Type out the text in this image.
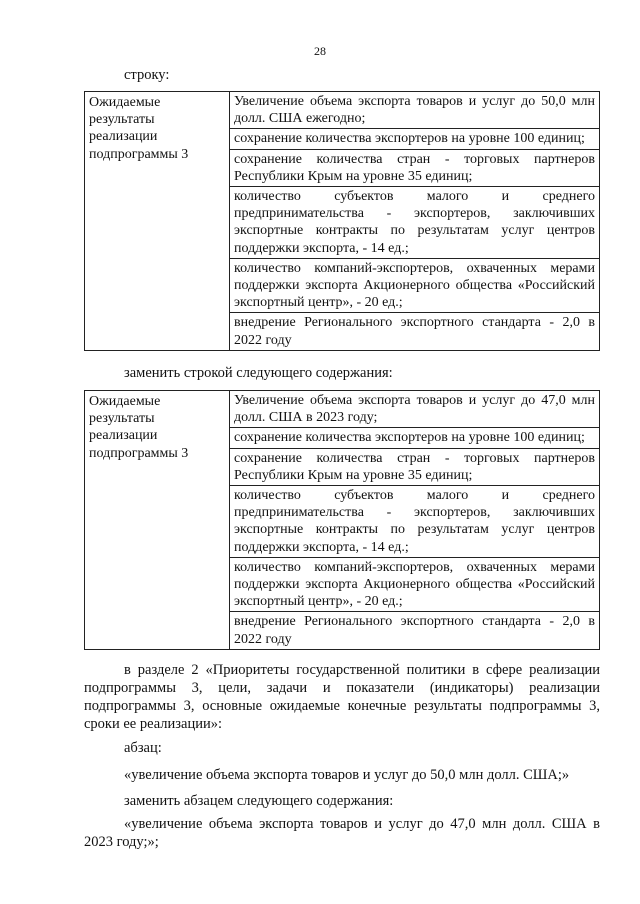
28
строку:
Ожидаемые
результаты
реализации
подпрограммы 3

Увеличение объема экспорта товаров и услуг до 50,0 млн долл. США ежегодно;
сохранение количества экспортеров на уровне 100 единиц;
сохранение количества стран - торговых партнеров Республики Крым на уровне 35 единиц;
количество субъектов малого и среднего предпринимательства - экспортеров, заключивших экспортные контракты по результатам услуг центров поддержки экспорта, - 14 ед.;
количество компаний-экспортеров, охваченных мерами поддержки экспорта Акционерного общества «Российский экспортный центр», - 20 ед.;
внедрение Регионального экспортного стандарта - 2,0 в 2022 году
заменить строкой следующего содержания:
Ожидаемые
результаты
реализации
подпрограммы 3

Увеличение объема экспорта товаров и услуг до 47,0 млн долл. США в 2023 году;
сохранение количества экспортеров на уровне 100 единиц;
сохранение количества стран - торговых партнеров Республики Крым на уровне 35 единиц;
количество субъектов малого и среднего предпринимательства - экспортеров, заключивших экспортные контракты по результатам услуг центров поддержки экспорта, - 14 ед.;
количество компаний-экспортеров, охваченных мерами поддержки экспорта Акционерного общества «Российский экспортный центр», - 20 ед.;
внедрение Регионального экспортного стандарта - 2,0 в 2022 году
в разделе 2 «Приоритеты государственной политики в сфере реализации подпрограммы 3, цели, задачи и показатели (индикаторы) реализации подпрограммы 3, основные ожидаемые конечные результаты подпрограммы 3, сроки ее реализации»:
абзац:
«увеличение объема экспорта товаров и услуг до 50,0 млн долл. США;»
заменить абзацем следующего содержания:
«увеличение объема экспорта товаров и услуг до 47,0 млн долл. США в 2023 году;»;
